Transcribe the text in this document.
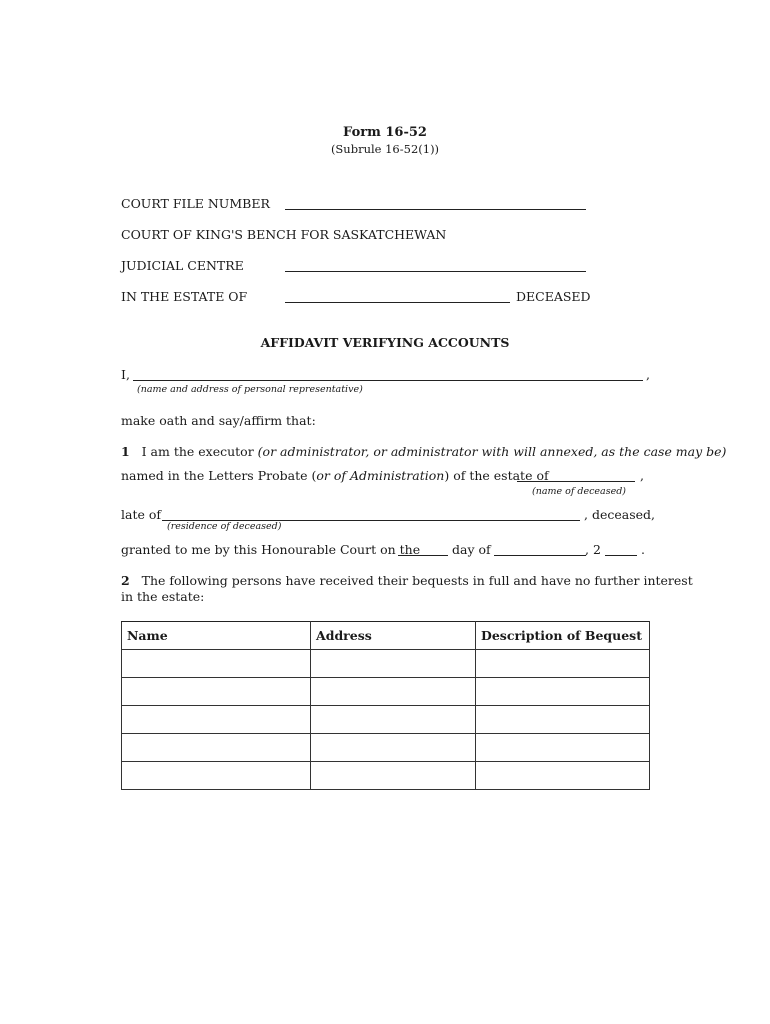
Form 16-52
(Subrule 16-52(1))
COURT FILE NUMBER
COURT OF KING'S BENCH FOR SASKATCHEWAN
JUDICIAL CENTRE
IN THE ESTATE OF	DECEASED
AFFIDAVIT VERIFYING ACCOUNTS
I,	,
(name and address of personal representative)
make oath and say/affirm that:
1 I am the executor (or administrator, or administrator with will annexed, as the case may be)
named in the Letters Probate (or of Administration) of the estate of	,
(name of deceased)
late of	, deceased,
(residence of deceased)
granted to me by this Honourable Court on the	day of	, 2	.
2 The following persons have received their bequests in full and have no further interest
in the estate:
Name	Address	Description of Bequest
